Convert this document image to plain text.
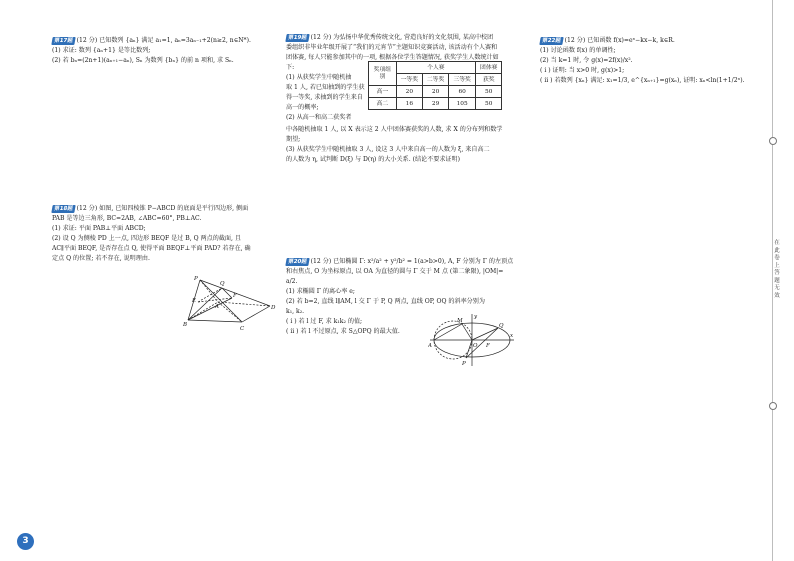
第17题 (12 分) 已知数列 {aₙ} 满足 a₁=1, aₙ=3aₙ₋₁+2(n≥2, n∈N*).

(1) 求证: 数列 {aₙ+1} 是等比数列;

(2) 若 bₙ=(2n+1)(aₙ₊₁−aₙ), Sₙ 为数列 {bₙ} 的前 n 项和, 求 Sₙ.

第18题 (12 分) 如图, 已知四棱锥 P−ABCD 的底面是平行四边形, 侧面

PAB 是等边三角形, BC=2AB, ∠ABC=60°, PB⊥AC.

(1) 求证: 平面 PAB⊥平面 ABCD;

(2) 设 Q 为侧棱 PD 上一点, 四边形 BEQF 是过 B, Q 两点的截面, 且

AC∥平面 BEQF, 是否存在点 Q, 使得平面 BEQF⊥平面 PAD? 若存在, 确

定点 Q 的位置; 若不存在, 说明理由.

P
Q
E
F
A
B
C
D

第19题 (12 分) 为弘扬中华优秀传统文化, 营造良好的文化氛围, 某高中校团

委组织非毕业年级开展了“我们的元宵节”主题知识竞赛活动, 该活动有个人赛和

团体赛, 每人只能参加其中的一项, 根据各位学生答题情况, 获奖学生人数统计如

下:

(1) 从获奖学生中随机抽

取 1 人, 若已知抽到的学生获

得一等奖, 求抽到的学生来自

高一的概率;

(2) 从高一和高二获奖者

奖项组别	个人赛			团体赛
	一等奖	二等奖	三等奖	获奖
高一	20	20	60	50
高二	16	29	105	50

中各随机抽取 1 人, 以 X 表示这 2 人中团体赛获奖的人数, 求 X 的分布列和数学

期望;

(3) 从获奖学生中随机抽取 3 人, 设这 3 人中来自高一的人数为 ξ, 来自高二

的人数为 η, 试判断 D(ξ) 与 D(η) 的大小关系. (结论不要求证明)

第20题 (12 分) 已知椭圆 Γ: x²/a² + y²/b² = 1(a>b>0), A, F 分别为 Γ 的左顶点

和右焦点, O 为坐标原点, 以 OA 为直径的圆与 Γ 交于 M 点 (第二象限), |OM|=

a/2.

(1) 求椭圆 Γ 的离心率 e;

(2) 若 b=2, 直线 l∥AM, l 交 Γ 于 P, Q 两点, 直线 OP, OQ 的斜率分别为

k₁, k₂.

( i ) 若 l 过 F, 求 k₁k₂ 的值;

( ii ) 若 l 不过原点, 求 S△OPQ 的最大值.

M
A	O F
P
Q
x
y

第22题 (12 分) 已知函数 f(x)=eˣ−kx−k, k∈R.

(1) 讨论函数 f(x) 的单调性;

(2) 当 k=1 时, 令 g(x)=2f(x)/x².

( i ) 证明: 当 x>0 时, g(x)>1;

( ii ) 若数列 {xₙ} 满足: x₁=1/3, e^{xₙ₊₁}=g(xₙ), 证明: xₙ<ln(1+1/2ⁿ).

在此卷上答题无效
3
